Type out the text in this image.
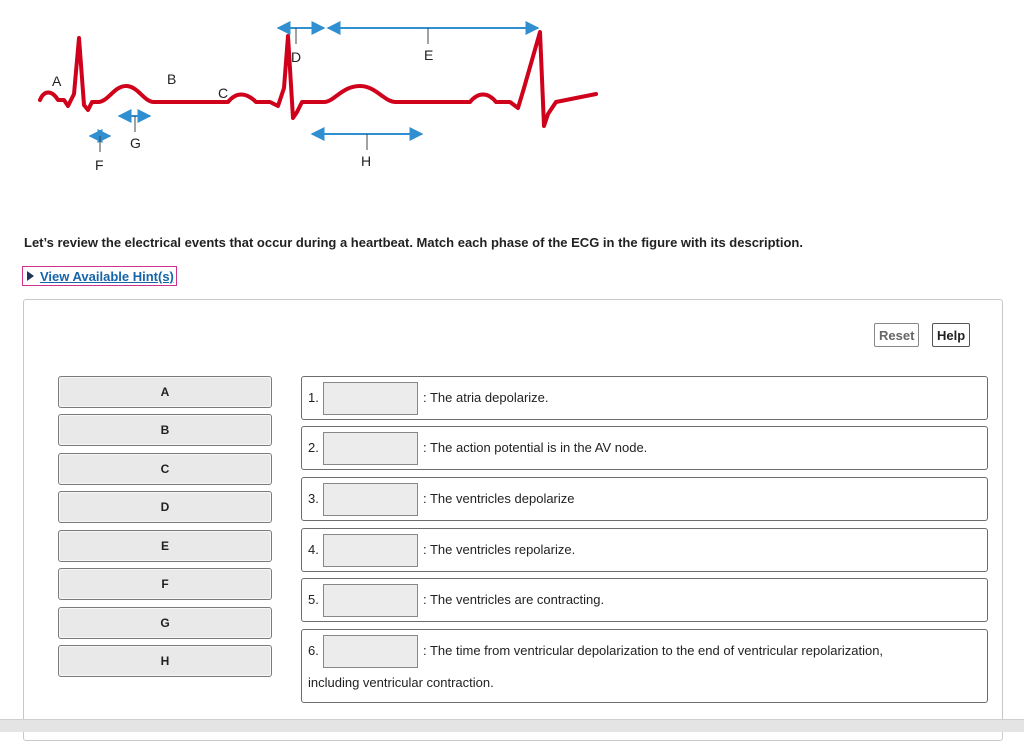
A	B
C
D	E
F
G
H
Let’s review the electrical events that occur during a heartbeat. Match each phase of the ECG in the figure with its description.
View Available Hint(s)
Reset	Help
A
B
C
D
E
F
G
H
1.	: The atria depolarize.
2.	: The action potential is in the AV node.
3.	: The ventricles depolarize
4.	: The ventricles repolarize.
5.	: The ventricles are contracting.
6.	: The time from ventricular depolarization to the end of ventricular repolarization,
including ventricular contraction.
